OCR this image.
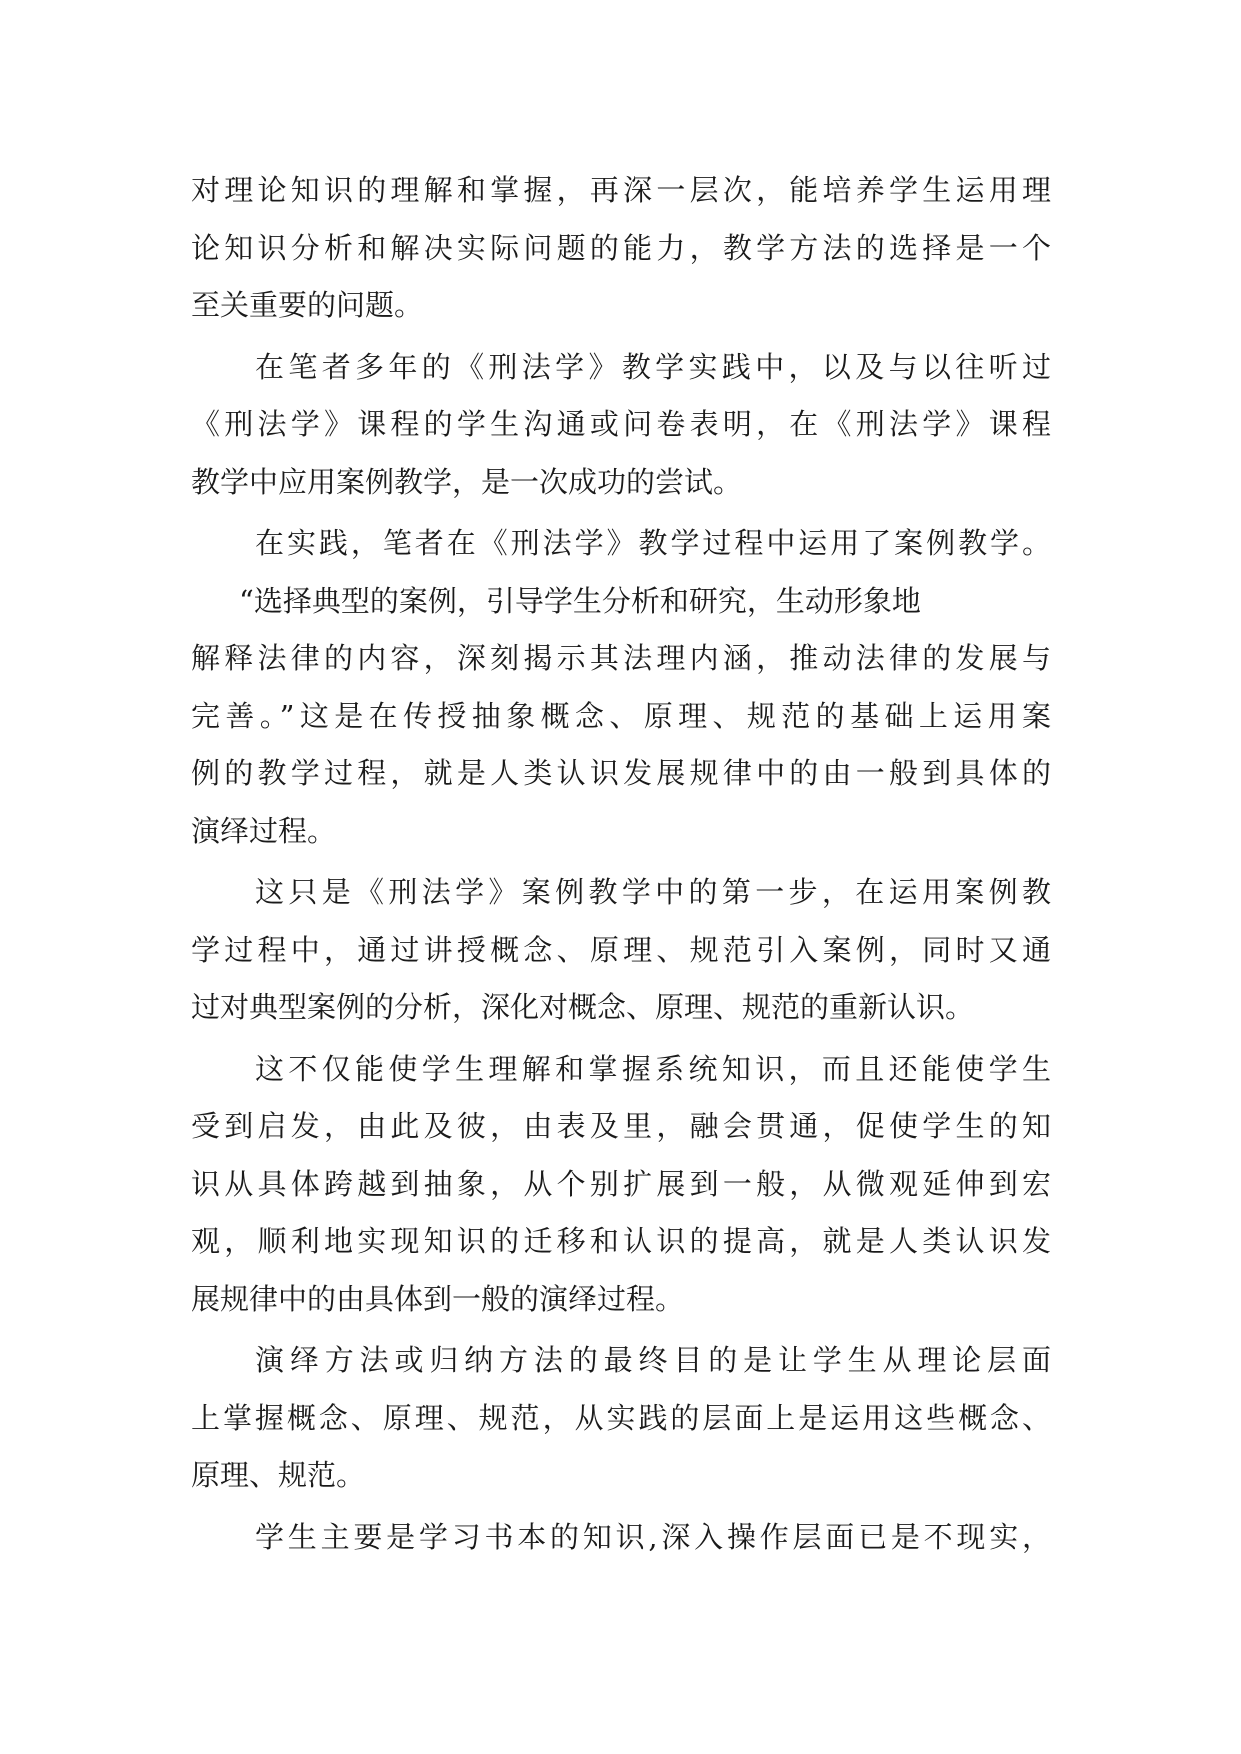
对理论知识的理解和掌握，再深一层次，能培养学生运用理
论知识分析和解决实际问题的能力，教学方法的选择是一个
至关重要的问题。
在笔者多年的《刑法学》教学实践中，以及与以往听过
《刑法学》课程的学生沟通或问卷表明，在《刑法学》课程
教学中应用案例教学，是一次成功的尝试。
在实践，笔者在《刑法学》教学过程中运用了案例教学。
“选择典型的案例，引导学生分析和研究，生动形象地
解释法律的内容，深刻揭示其法理内涵，推动法律的发展与
完善。”这是在传授抽象概念、原理、规范的基础上运用案
例的教学过程，就是人类认识发展规律中的由一般到具体的
演绎过程。
这只是《刑法学》案例教学中的第一步，在运用案例教
学过程中，通过讲授概念、原理、规范引入案例，同时又通
过对典型案例的分析，深化对概念、原理、规范的重新认识。
这不仅能使学生理解和掌握系统知识，而且还能使学生
受到启发，由此及彼，由表及里，融会贯通，促使学生的知
识从具体跨越到抽象，从个别扩展到一般，从微观延伸到宏
观，顺利地实现知识的迁移和认识的提高，就是人类认识发
展规律中的由具体到一般的演绎过程。
演绎方法或归纳方法的最终目的是让学生从理论层面
上掌握概念、原理、规范，从实践的层面上是运用这些概念、
原理、规范。
学生主要是学习书本的知识,深入操作层面已是不现实，
